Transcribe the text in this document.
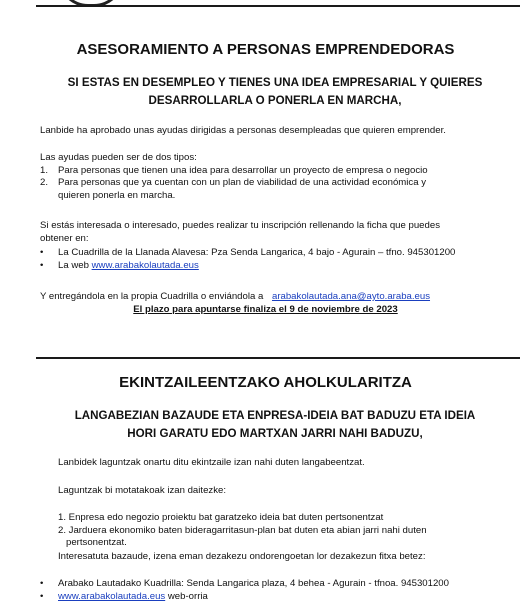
ASESORAMIENTO A PERSONAS EMPRENDEDORAS
SI ESTAS EN DESEMPLEO Y TIENES UNA IDEA EMPRESARIAL Y QUIERES
DESARROLLARLA O PONERLA EN MARCHA,
Lanbide ha aprobado unas ayudas dirigidas a personas desempleadas que quieren emprender.
Las ayudas pueden ser de dos tipos:
1. Para personas que tienen una idea para desarrollar un proyecto de empresa o negocio
2. Para personas que ya cuentan con un plan de viabilidad de una actividad económica y
quieren ponerla en marcha.
Si estás interesada o interesado, puedes realizar tu inscripción rellenando la ficha que puedes
obtener en:
• La Cuadrilla de la Llanada Alavesa: Pza Senda Langarica, 4 bajo - Agurain – tfno. 945301200
• La web www.arabakolautada.eus
Y entregándola en la propia Cuadrilla o enviándola a arabakolautada.ana@ayto.araba.eus
El plazo para apuntarse finaliza el 9 de noviembre de 2023
EKINTZAILEENTZAKO AHOLKULARITZA
LANGABEZIAN BAZAUDE ETA ENPRESA-IDEIA BAT BADUZU ETA IDEIA
HORI GARATU EDO MARTXAN JARRI NAHI BADUZU,
Lanbidek laguntzak onartu ditu ekintzaile izan nahi duten langabeentzat.
Laguntzak bi motatakoak izan daitezke:
1. Enpresa edo negozio proiektu bat garatzeko ideia bat duten pertsonentzat
2. Jarduera ekonomiko baten bideragarritasun-plan bat duten eta abian jarri nahi duten
pertsonentzat.
Interesatuta bazaude, izena eman dezakezu ondorengoetan lor dezakezun fitxa betez:
• Arabako Lautadako Kuadrilla: Senda Langarica plaza, 4 behea - Agurain - tfnoa. 945301200
• www.arabakolautada.eus web-orria
